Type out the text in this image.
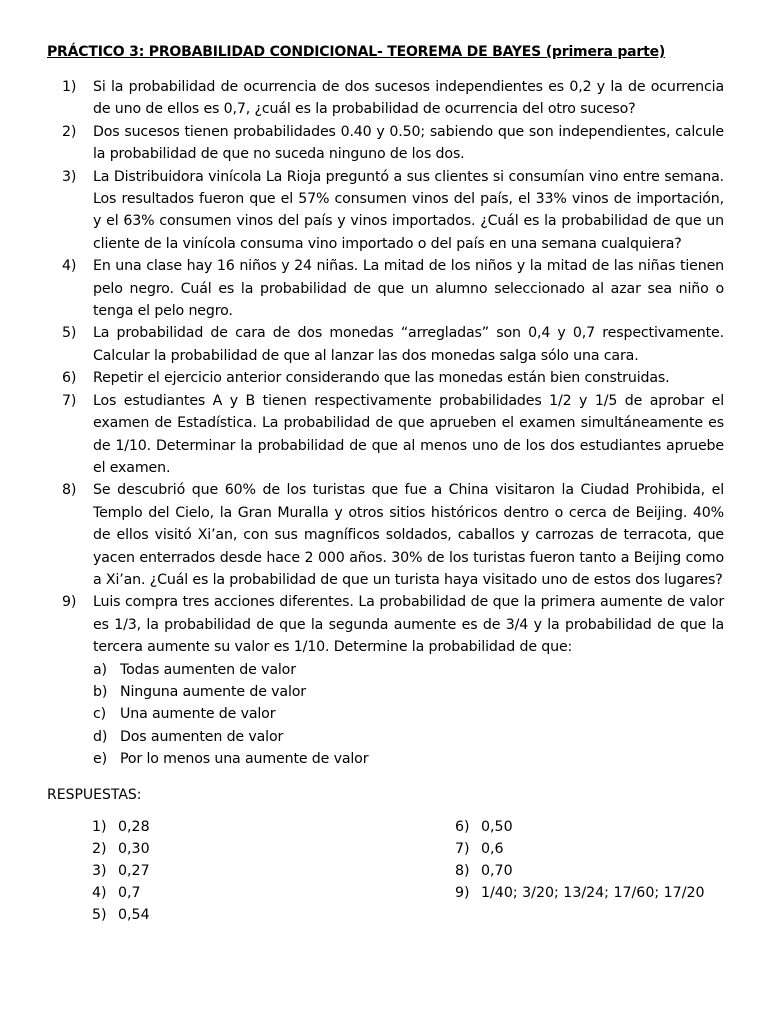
PRÁCTICO 3: PROBABILIDAD CONDICIONAL- TEOREMA DE BAYES (primera parte)
1) Si la probabilidad de ocurrencia de dos sucesos independientes es 0,2 y la de ocurrencia de uno de ellos es 0,7, ¿cuál es la probabilidad de ocurrencia del otro suceso?
2) Dos sucesos tienen probabilidades 0.40 y 0.50; sabiendo que son independientes, calcule la probabilidad de que no suceda ninguno de los dos.
3) La Distribuidora vinícola La Rioja preguntó a sus clientes si consumían vino entre semana. Los resultados fueron que el 57% consumen vinos del país, el 33% vinos de importación, y el 63% consumen vinos del país y vinos importados. ¿Cuál es la probabilidad de que un cliente de la vinícola consuma vino importado o del país en una semana cualquiera?
4) En una clase hay 16 niños y 24 niñas. La mitad de los niños y la mitad de las niñas tienen pelo negro. Cuál es la probabilidad de que un alumno seleccionado al azar sea niño o tenga el pelo negro.
5) La probabilidad de cara de dos monedas “arregladas” son 0,4 y 0,7 respectivamente. Calcular la probabilidad de que al lanzar las dos monedas salga sólo una cara.
6) Repetir el ejercicio anterior considerando que las monedas están bien construidas.
7) Los estudiantes A y B tienen respectivamente probabilidades 1/2 y 1/5 de aprobar el examen de Estadística. La probabilidad de que aprueben el examen simultáneamente es de 1/10. Determinar la probabilidad de que al menos uno de los dos estudiantes apruebe el examen.
8) Se descubrió que 60% de los turistas que fue a China visitaron la Ciudad Prohibida, el Templo del Cielo, la Gran Muralla y otros sitios históricos dentro o cerca de Beijing. 40% de ellos visitó Xi’an, con sus magníficos soldados, caballos y carrozas de terracota, que yacen enterrados desde hace 2 000 años. 30% de los turistas fueron tanto a Beijing como a Xi’an. ¿Cuál es la probabilidad de que un turista haya visitado uno de estos dos lugares?
9) Luis compra tres acciones diferentes. La probabilidad de que la primera aumente de valor es 1/3, la probabilidad de que la segunda aumente es de 3/4 y la probabilidad de que la tercera aumente su valor es 1/10. Determine la probabilidad de que:
a) Todas aumenten de valor
b) Ninguna aumente de valor
c) Una aumente de valor
d) Dos aumenten de valor
e) Por lo menos una aumente de valor
RESPUESTAS:
1) 0,28
2) 0,30
3) 0,27
4) 0,7
5) 0,54
6) 0,50
7) 0,6
8) 0,70
9) 1/40; 3/20; 13/24; 17/60; 17/20
